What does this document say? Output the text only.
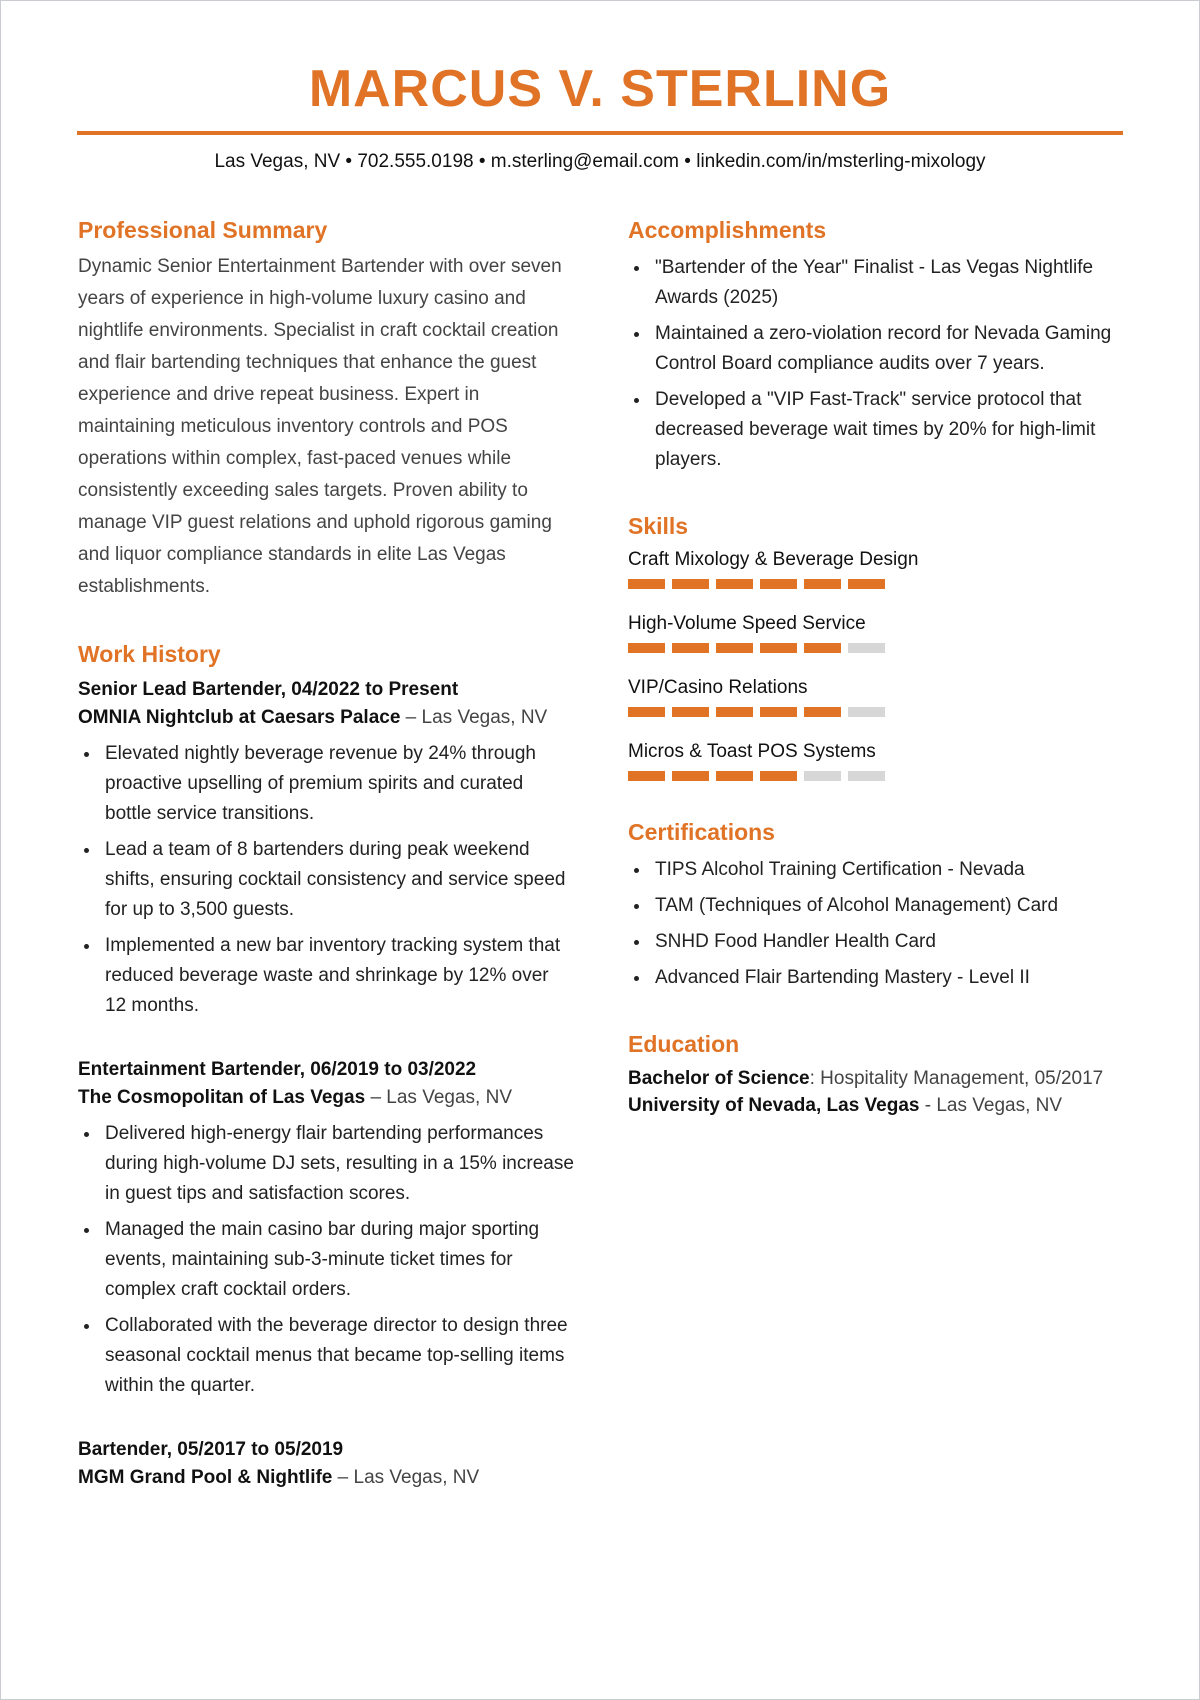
MARCUS V. STERLING
Las Vegas, NV • 702.555.0198 • m.sterling@email.com • linkedin.com/in/msterling-mixology
Professional Summary

Dynamic Senior Entertainment Bartender with over seven years of experience in high-volume luxury casino and nightlife environments. Specialist in craft cocktail creation and flair bartending techniques that enhance the guest experience and drive repeat business. Expert in maintaining meticulous inventory controls and POS operations within complex, fast-paced venues while consistently exceeding sales targets. Proven ability to manage VIP guest relations and uphold rigorous gaming and liquor compliance standards in elite Las Vegas establishments.

Work History
Senior Lead Bartender, 04/2022 to Present
OMNIA Nightclub at Caesars Palace – Las Vegas, NV
Elevated nightly beverage revenue by 24% through proactive upselling of premium spirits and curated bottle service transitions.
Lead a team of 8 bartenders during peak weekend shifts, ensuring cocktail consistency and service speed for up to 3,500 guests.
Implemented a new bar inventory tracking system that reduced beverage waste and shrinkage by 12% over 12 months.
Entertainment Bartender, 06/2019 to 03/2022
The Cosmopolitan of Las Vegas – Las Vegas, NV
Delivered high-energy flair bartending performances during high-volume DJ sets, resulting in a 15% increase in guest tips and satisfaction scores.
Managed the main casino bar during major sporting events, maintaining sub-3-minute ticket times for complex craft cocktail orders.
Collaborated with the beverage director to design three seasonal cocktail menus that became top-selling items within the quarter.
Bartender, 05/2017 to 05/2019
MGM Grand Pool & Nightlife – Las Vegas, NV
Accomplishments
"Bartender of the Year" Finalist - Las Vegas Nightlife Awards (2025)
Maintained a zero-violation record for Nevada Gaming Control Board compliance audits over 7 years.
Developed a "VIP Fast-Track" service protocol that decreased beverage wait times by 20% for high-limit players.
Skills
Craft Mixology & Beverage Design
High-Volume Speed Service
VIP/Casino Relations
Micros & Toast POS Systems
Certifications
TIPS Alcohol Training Certification - Nevada
TAM (Techniques of Alcohol Management) Card
SNHD Food Handler Health Card
Advanced Flair Bartending Mastery - Level II
Education
Bachelor of Science: Hospitality Management, 05/2017
University of Nevada, Las Vegas - Las Vegas, NV
